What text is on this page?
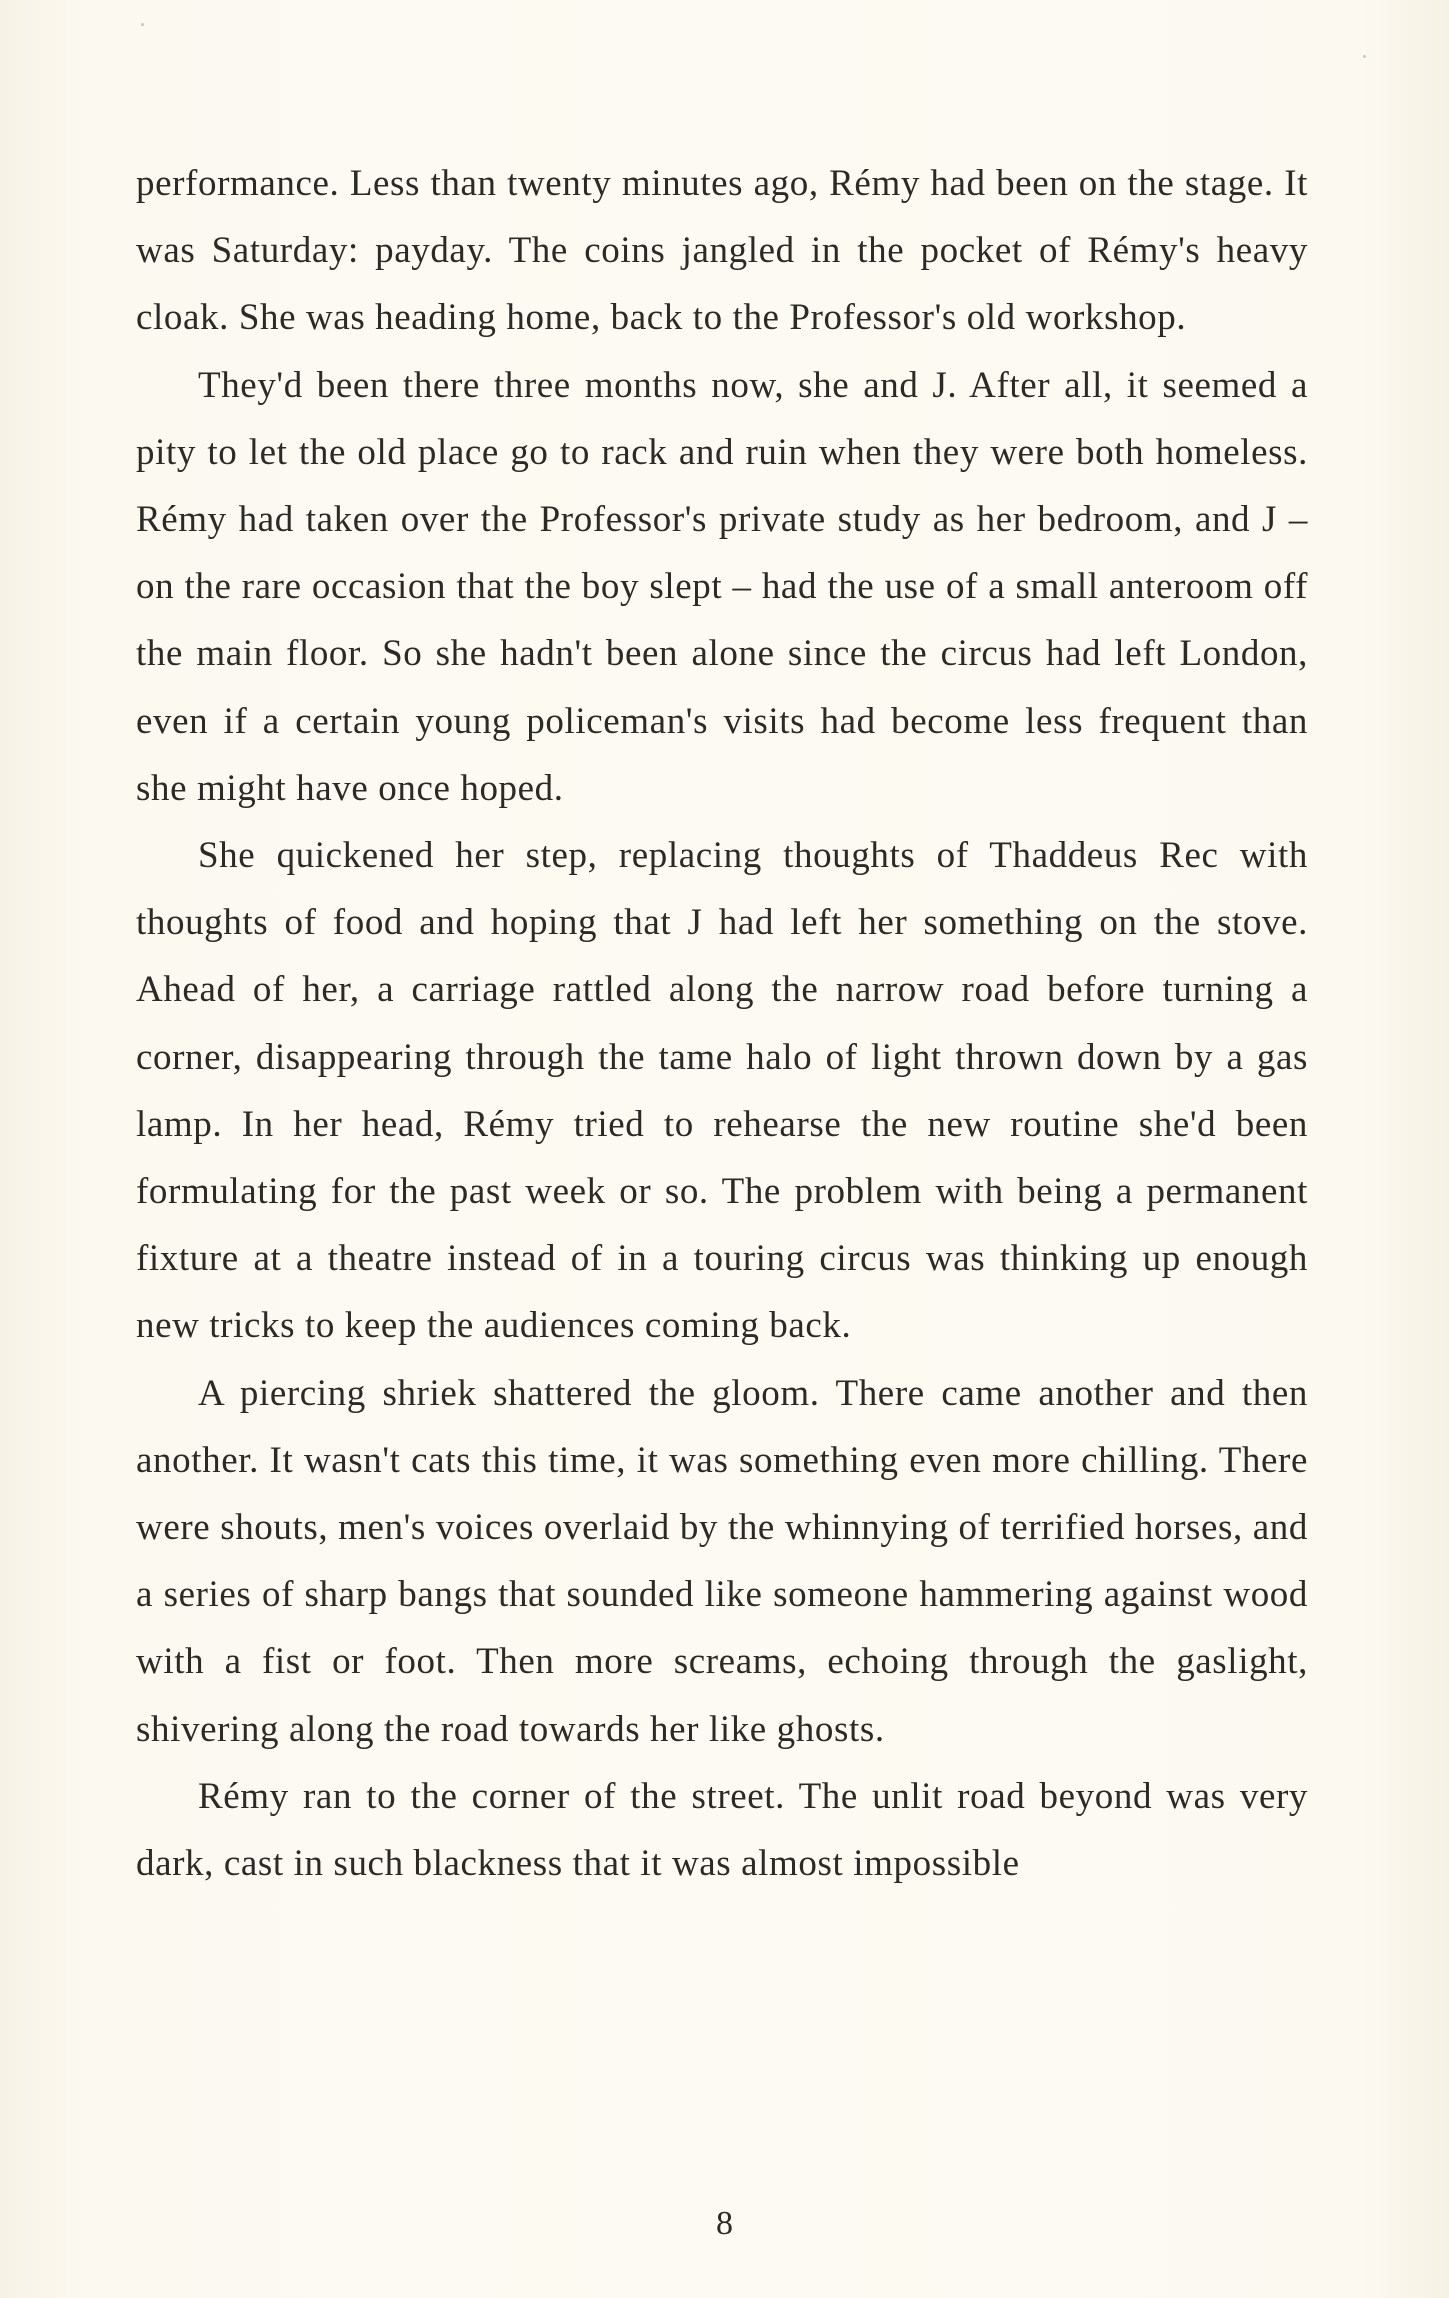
performance. Less than twenty minutes ago, Rémy had been on the stage. It was Saturday: payday. The coins jangled in the pocket of Rémy's heavy cloak. She was heading home, back to the Professor's old workshop.

They'd been there three months now, she and J. After all, it seemed a pity to let the old place go to rack and ruin when they were both homeless. Rémy had taken over the Professor's private study as her bedroom, and J – on the rare occasion that the boy slept – had the use of a small anteroom off the main floor. So she hadn't been alone since the circus had left London, even if a certain young policeman's visits had become less frequent than she might have once hoped.

She quickened her step, replacing thoughts of Thaddeus Rec with thoughts of food and hoping that J had left her something on the stove. Ahead of her, a carriage rattled along the narrow road before turning a corner, disappearing through the tame halo of light thrown down by a gas lamp. In her head, Rémy tried to rehearse the new routine she'd been formulating for the past week or so. The problem with being a permanent fixture at a theatre instead of in a touring circus was thinking up enough new tricks to keep the audiences coming back.

A piercing shriek shattered the gloom. There came another and then another. It wasn't cats this time, it was something even more chilling. There were shouts, men's voices overlaid by the whinnying of terrified horses, and a series of sharp bangs that sounded like someone hammering against wood with a fist or foot. Then more screams, echoing through the gaslight, shivering along the road towards her like ghosts.

Rémy ran to the corner of the street. The unlit road beyond was very dark, cast in such blackness that it was almost impossible

8
